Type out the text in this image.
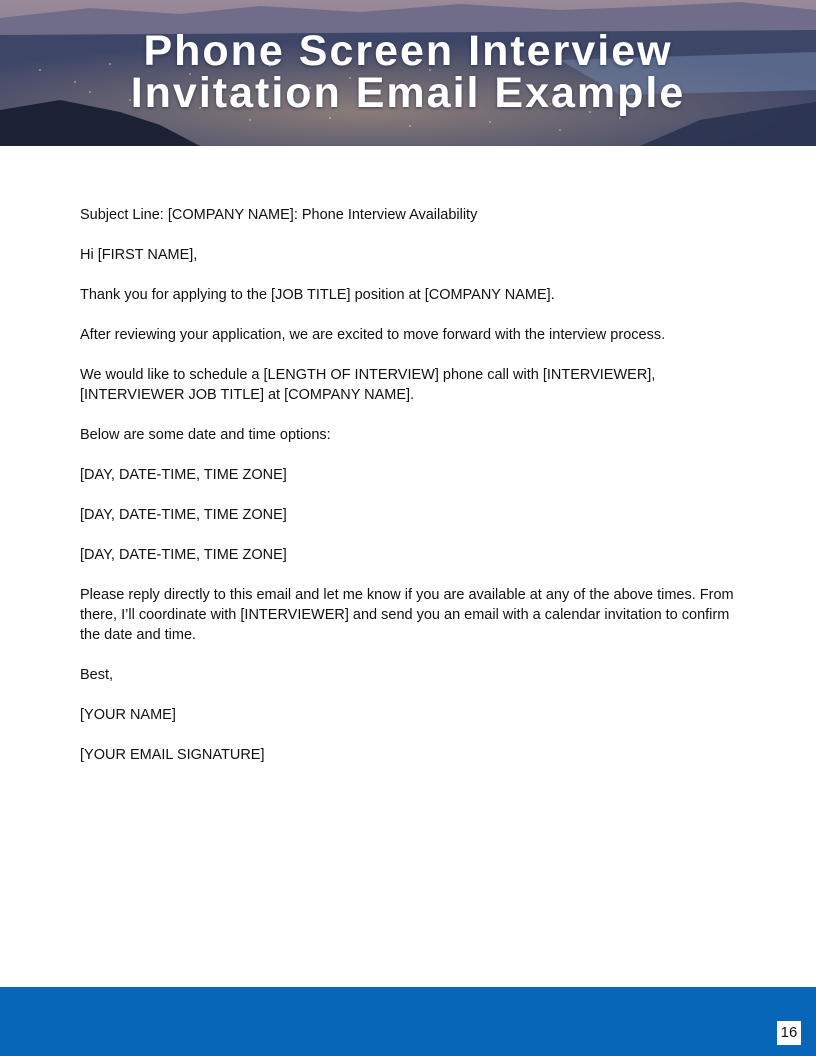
Phone Screen Interview
Invitation Email Example

Subject Line: [COMPANY NAME]: Phone Interview Availability

Hi [FIRST NAME],

Thank you for applying to the [JOB TITLE] position at [COMPANY NAME].

After reviewing your application, we are excited to move forward with the interview process.

We would like to schedule a [LENGTH OF INTERVIEW] phone call with [INTERVIEWER], [INTERVIEWER JOB TITLE] at [COMPANY NAME].

Below are some date and time options:

[DAY, DATE-TIME, TIME ZONE]

[DAY, DATE-TIME, TIME ZONE]

[DAY, DATE-TIME, TIME ZONE]

Please reply directly to this email and let me know if you are available at any of the above times. From there, I’ll coordinate with [INTERVIEWER] and send you an email with a calendar invitation to confirm the date and time.

Best,

[YOUR NAME]

[YOUR EMAIL SIGNATURE]

16
